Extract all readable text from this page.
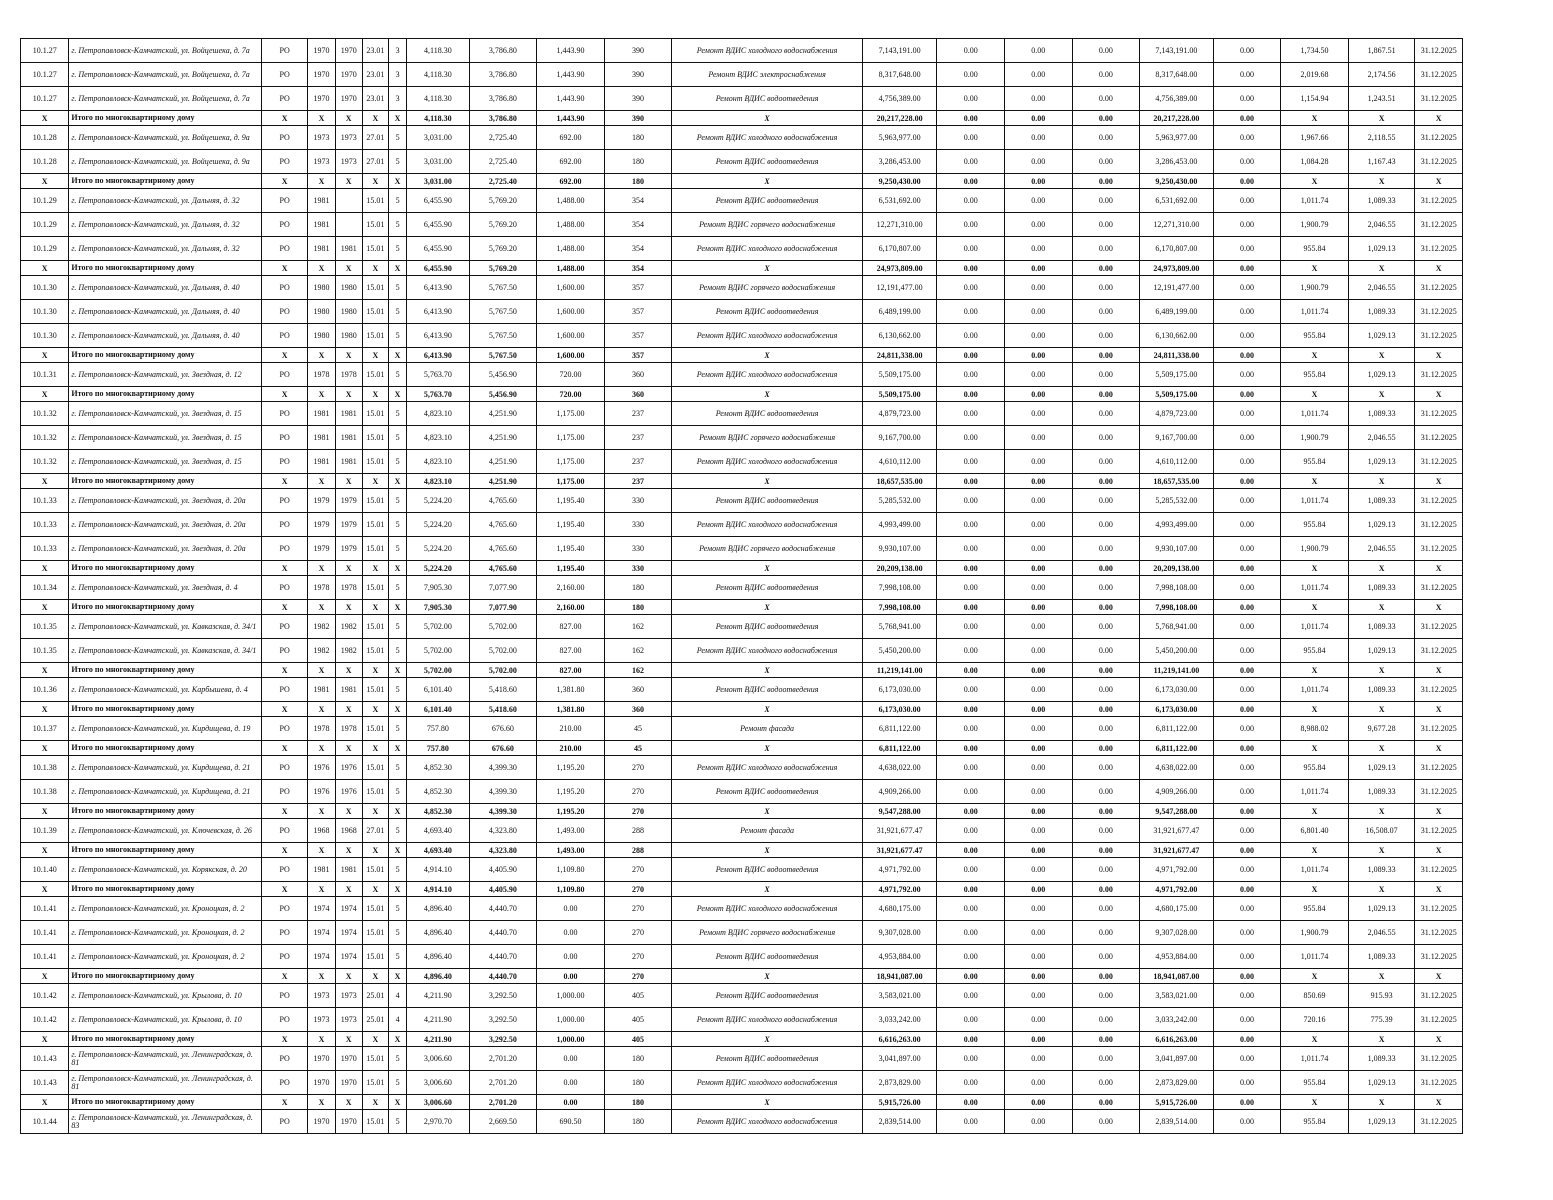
10.1.27	г. Петропавловск-Камчатский, ул. Войцешека, д. 7а	РО	1970	1970	23.01	3	4,118.30	3,786.80	1,443.90	390	Ремонт ВДИС холодного водоснабжения	7,143,191.00	0.00	0.00	0.00	7,143,191.00	0.00	1,734.50	1,867.51	31.12.2025
10.1.27	г. Петропавловск-Камчатский, ул. Войцешека, д. 7а	РО	1970	1970	23.01	3	4,118.30	3,786.80	1,443.90	390	Ремонт ВДИС электроснабжения	8,317,648.00	0.00	0.00	0.00	8,317,648.00	0.00	2,019.68	2,174.56	31.12.2025
10.1.27	г. Петропавловск-Камчатский, ул. Войцешека, д. 7а	РО	1970	1970	23.01	3	4,118.30	3,786.80	1,443.90	390	Ремонт ВДИС водоотведения	4,756,389.00	0.00	0.00	0.00	4,756,389.00	0.00	1,154.94	1,243.51	31.12.2025
X	Итого по многоквартирному дому	X	X	X	X	X	4,118.30	3,786.80	1,443.90	390	X	20,217,228.00	0.00	0.00	0.00	20,217,228.00	0.00	X	X	X
10.1.28	г. Петропавловск-Камчатский, ул. Войцешека, д. 9а	РО	1973	1973	27.01	5	3,031.00	2,725.40	692.00	180	Ремонт ВДИС холодного водоснабжения	5,963,977.00	0.00	0.00	0.00	5,963,977.00	0.00	1,967.66	2,118.55	31.12.2025
10.1.28	г. Петропавловск-Камчатский, ул. Войцешека, д. 9а	РО	1973	1973	27.01	5	3,031.00	2,725.40	692.00	180	Ремонт ВДИС водоотведения	3,286,453.00	0.00	0.00	0.00	3,286,453.00	0.00	1,084.28	1,167.43	31.12.2025
X	Итого по многоквартирному дому	X	X	X	X	X	3,031.00	2,725.40	692.00	180	X	9,250,430.00	0.00	0.00	0.00	9,250,430.00	0.00	X	X	X
10.1.29	г. Петропавловск-Камчатский, ул. Дальняя, д. 32	РО	1981		15.01	5	6,455.90	5,769.20	1,488.00	354	Ремонт ВДИС водоотведения	6,531,692.00	0.00	0.00	0.00	6,531,692.00	0.00	1,011.74	1,089.33	31.12.2025
10.1.29	г. Петропавловск-Камчатский, ул. Дальняя, д. 32	РО	1981		15.01	5	6,455.90	5,769.20	1,488.00	354	Ремонт ВДИС горячего водоснабжения	12,271,310.00	0.00	0.00	0.00	12,271,310.00	0.00	1,900.79	2,046.55	31.12.2025
10.1.29	г. Петропавловск-Камчатский, ул. Дальняя, д. 32	РО	1981	1981	15.01	5	6,455.90	5,769.20	1,488.00	354	Ремонт ВДИС холодного водоснабжения	6,170,807.00	0.00	0.00	0.00	6,170,807.00	0.00	955.84	1,029.13	31.12.2025
X	Итого по многоквартирному дому	X	X	X	X	X	6,455.90	5,769.20	1,488.00	354	X	24,973,809.00	0.00	0.00	0.00	24,973,809.00	0.00	X	X	X
10.1.30	г. Петропавловск-Камчатский, ул. Дальняя, д. 40	РО	1980	1980	15.01	5	6,413.90	5,767.50	1,600.00	357	Ремонт ВДИС горячего водоснабжения	12,191,477.00	0.00	0.00	0.00	12,191,477.00	0.00	1,900.79	2,046.55	31.12.2025
10.1.30	г. Петропавловск-Камчатский, ул. Дальняя, д. 40	РО	1980	1980	15.01	5	6,413.90	5,767.50	1,600.00	357	Ремонт ВДИС водоотведения	6,489,199.00	0.00	0.00	0.00	6,489,199.00	0.00	1,011.74	1,089.33	31.12.2025
10.1.30	г. Петропавловск-Камчатский, ул. Дальняя, д. 40	РО	1980	1980	15.01	5	6,413.90	5,767.50	1,600.00	357	Ремонт ВДИС холодного водоснабжения	6,130,662.00	0.00	0.00	0.00	6,130,662.00	0.00	955.84	1,029.13	31.12.2025
X	Итого по многоквартирному дому	X	X	X	X	X	6,413.90	5,767.50	1,600.00	357	X	24,811,338.00	0.00	0.00	0.00	24,811,338.00	0.00	X	X	X
10.1.31	г. Петропавловск-Камчатский, ул. Звездная, д. 12	РО	1978	1978	15.01	5	5,763.70	5,456.90	720.00	360	Ремонт ВДИС холодного водоснабжения	5,509,175.00	0.00	0.00	0.00	5,509,175.00	0.00	955.84	1,029.13	31.12.2025
X	Итого по многоквартирному дому	X	X	X	X	X	5,763.70	5,456.90	720.00	360	X	5,509,175.00	0.00	0.00	0.00	5,509,175.00	0.00	X	X	X
10.1.32	г. Петропавловск-Камчатский, ул. Звездная, д. 15	РО	1981	1981	15.01	5	4,823.10	4,251.90	1,175.00	237	Ремонт ВДИС водоотведения	4,879,723.00	0.00	0.00	0.00	4,879,723.00	0.00	1,011.74	1,089.33	31.12.2025
10.1.32	г. Петропавловск-Камчатский, ул. Звездная, д. 15	РО	1981	1981	15.01	5	4,823.10	4,251.90	1,175.00	237	Ремонт ВДИС горячего водоснабжения	9,167,700.00	0.00	0.00	0.00	9,167,700.00	0.00	1,900.79	2,046.55	31.12.2025
10.1.32	г. Петропавловск-Камчатский, ул. Звездная, д. 15	РО	1981	1981	15.01	5	4,823.10	4,251.90	1,175.00	237	Ремонт ВДИС холодного водоснабжения	4,610,112.00	0.00	0.00	0.00	4,610,112.00	0.00	955.84	1,029.13	31.12.2025
X	Итого по многоквартирному дому	X	X	X	X	X	4,823.10	4,251.90	1,175.00	237	X	18,657,535.00	0.00	0.00	0.00	18,657,535.00	0.00	X	X	X
10.1.33	г. Петропавловск-Камчатский, ул. Звездная, д. 20а	РО	1979	1979	15.01	5	5,224.20	4,765.60	1,195.40	330	Ремонт ВДИС водоотведения	5,285,532.00	0.00	0.00	0.00	5,285,532.00	0.00	1,011.74	1,089.33	31.12.2025
10.1.33	г. Петропавловск-Камчатский, ул. Звездная, д. 20а	РО	1979	1979	15.01	5	5,224.20	4,765.60	1,195.40	330	Ремонт ВДИС холодного водоснабжения	4,993,499.00	0.00	0.00	0.00	4,993,499.00	0.00	955.84	1,029.13	31.12.2025
10.1.33	г. Петропавловск-Камчатский, ул. Звездная, д. 20а	РО	1979	1979	15.01	5	5,224.20	4,765.60	1,195.40	330	Ремонт ВДИС горячего водоснабжения	9,930,107.00	0.00	0.00	0.00	9,930,107.00	0.00	1,900.79	2,046.55	31.12.2025
X	Итого по многоквартирному дому	X	X	X	X	X	5,224.20	4,765.60	1,195.40	330	X	20,209,138.00	0.00	0.00	0.00	20,209,138.00	0.00	X	X	X
10.1.34	г. Петропавловск-Камчатский, ул. Звездная, д. 4	РО	1978	1978	15.01	5	7,905.30	7,077.90	2,160.00	180	Ремонт ВДИС водоотведения	7,998,108.00	0.00	0.00	0.00	7,998,108.00	0.00	1,011.74	1,089.33	31.12.2025
X	Итого по многоквартирному дому	X	X	X	X	X	7,905.30	7,077.90	2,160.00	180	X	7,998,108.00	0.00	0.00	0.00	7,998,108.00	0.00	X	X	X
10.1.35	г. Петропавловск-Камчатский, ул. Кавказская, д. 34/1	РО	1982	1982	15.01	5	5,702.00	5,702.00	827.00	162	Ремонт ВДИС водоотведения	5,768,941.00	0.00	0.00	0.00	5,768,941.00	0.00	1,011.74	1,089.33	31.12.2025
10.1.35	г. Петропавловск-Камчатский, ул. Кавказская, д. 34/1	РО	1982	1982	15.01	5	5,702.00	5,702.00	827.00	162	Ремонт ВДИС холодного водоснабжения	5,450,200.00	0.00	0.00	0.00	5,450,200.00	0.00	955.84	1,029.13	31.12.2025
X	Итого по многоквартирному дому	X	X	X	X	X	5,702.00	5,702.00	827.00	162	X	11,219,141.00	0.00	0.00	0.00	11,219,141.00	0.00	X	X	X
10.1.36	г. Петропавловск-Камчатский, ул. Карбышева, д. 4	РО	1981	1981	15.01	5	6,101.40	5,418.60	1,381.80	360	Ремонт ВДИС водоотведения	6,173,030.00	0.00	0.00	0.00	6,173,030.00	0.00	1,011.74	1,089.33	31.12.2025
X	Итого по многоквартирному дому	X	X	X	X	X	6,101.40	5,418.60	1,381.80	360	X	6,173,030.00	0.00	0.00	0.00	6,173,030.00	0.00	X	X	X
10.1.37	г. Петропавловск-Камчатский, ул. Кирдищева, д. 19	РО	1978	1978	15.01	5	757.80	676.60	210.00	45	Ремонт фасада	6,811,122.00	0.00	0.00	0.00	6,811,122.00	0.00	8,988.02	9,677.28	31.12.2025
X	Итого по многоквартирному дому	X	X	X	X	X	757.80	676.60	210.00	45	X	6,811,122.00	0.00	0.00	0.00	6,811,122.00	0.00	X	X	X
10.1.38	г. Петропавловск-Камчатский, ул. Кирдищева, д. 21	РО	1976	1976	15.01	5	4,852.30	4,399.30	1,195.20	270	Ремонт ВДИС холодного водоснабжения	4,638,022.00	0.00	0.00	0.00	4,638,022.00	0.00	955.84	1,029.13	31.12.2025
10.1.38	г. Петропавловск-Камчатский, ул. Кирдищева, д. 21	РО	1976	1976	15.01	5	4,852.30	4,399.30	1,195.20	270	Ремонт ВДИС водоотведения	4,909,266.00	0.00	0.00	0.00	4,909,266.00	0.00	1,011.74	1,089.33	31.12.2025
X	Итого по многоквартирному дому	X	X	X	X	X	4,852.30	4,399.30	1,195.20	270	X	9,547,288.00	0.00	0.00	0.00	9,547,288.00	0.00	X	X	X
10.1.39	г. Петропавловск-Камчатский, ул. Ключевская, д. 26	РО	1968	1968	27.01	5	4,693.40	4,323.80	1,493.00	288	Ремонт фасада	31,921,677.47	0.00	0.00	0.00	31,921,677.47	0.00	6,801.40	16,508.07	31.12.2025
X	Итого по многоквартирному дому	X	X	X	X	X	4,693.40	4,323.80	1,493.00	288	X	31,921,677.47	0.00	0.00	0.00	31,921,677.47	0.00	X	X	X
10.1.40	г. Петропавловск-Камчатский, ул. Корякская, д. 20	РО	1981	1981	15.01	5	4,914.10	4,405.90	1,109.80	270	Ремонт ВДИС водоотведения	4,971,792.00	0.00	0.00	0.00	4,971,792.00	0.00	1,011.74	1,089.33	31.12.2025
X	Итого по многоквартирному дому	X	X	X	X	X	4,914.10	4,405.90	1,109.80	270	X	4,971,792.00	0.00	0.00	0.00	4,971,792.00	0.00	X	X	X
10.1.41	г. Петропавловск-Камчатский, ул. Кроноцкая, д. 2	РО	1974	1974	15.01	5	4,896.40	4,440.70	0.00	270	Ремонт ВДИС холодного водоснабжения	4,680,175.00	0.00	0.00	0.00	4,680,175.00	0.00	955.84	1,029.13	31.12.2025
10.1.41	г. Петропавловск-Камчатский, ул. Кроноцкая, д. 2	РО	1974	1974	15.01	5	4,896.40	4,440.70	0.00	270	Ремонт ВДИС горячего водоснабжения	9,307,028.00	0.00	0.00	0.00	9,307,028.00	0.00	1,900.79	2,046.55	31.12.2025
10.1.41	г. Петропавловск-Камчатский, ул. Кроноцкая, д. 2	РО	1974	1974	15.01	5	4,896.40	4,440.70	0.00	270	Ремонт ВДИС водоотведения	4,953,884.00	0.00	0.00	0.00	4,953,884.00	0.00	1,011.74	1,089.33	31.12.2025
X	Итого по многоквартирному дому	X	X	X	X	X	4,896.40	4,440.70	0.00	270	X	18,941,087.00	0.00	0.00	0.00	18,941,087.00	0.00	X	X	X
10.1.42	г. Петропавловск-Камчатский, ул. Крылова, д. 10	РО	1973	1973	25.01	4	4,211.90	3,292.50	1,000.00	405	Ремонт ВДИС водоотведения	3,583,021.00	0.00	0.00	0.00	3,583,021.00	0.00	850.69	915.93	31.12.2025
10.1.42	г. Петропавловск-Камчатский, ул. Крылова, д. 10	РО	1973	1973	25.01	4	4,211.90	3,292.50	1,000.00	405	Ремонт ВДИС холодного водоснабжения	3,033,242.00	0.00	0.00	0.00	3,033,242.00	0.00	720.16	775.39	31.12.2025
X	Итого по многоквартирному дому	X	X	X	X	X	4,211.90	3,292.50	1,000.00	405	X	6,616,263.00	0.00	0.00	0.00	6,616,263.00	0.00	X	X	X
10.1.43	г. Петропавловск-Камчатский, ул. Ленинградская, д. 81	РО	1970	1970	15.01	5	3,006.60	2,701.20	0.00	180	Ремонт ВДИС водоотведения	3,041,897.00	0.00	0.00	0.00	3,041,897.00	0.00	1,011.74	1,089.33	31.12.2025
10.1.43	г. Петропавловск-Камчатский, ул. Ленинградская, д. 81	РО	1970	1970	15.01	5	3,006.60	2,701.20	0.00	180	Ремонт ВДИС холодного водоснабжения	2,873,829.00	0.00	0.00	0.00	2,873,829.00	0.00	955.84	1,029.13	31.12.2025
X	Итого по многоквартирному дому	X	X	X	X	X	3,006.60	2,701.20	0.00	180	X	5,915,726.00	0.00	0.00	0.00	5,915,726.00	0.00	X	X	X
10.1.44	г. Петропавловск-Камчатский, ул. Ленинградская, д. 83	РО	1970	1970	15.01	5	2,970.70	2,669.50	690.50	180	Ремонт ВДИС холодного водоснабжения	2,839,514.00	0.00	0.00	0.00	2,839,514.00	0.00	955.84	1,029.13	31.12.2025
